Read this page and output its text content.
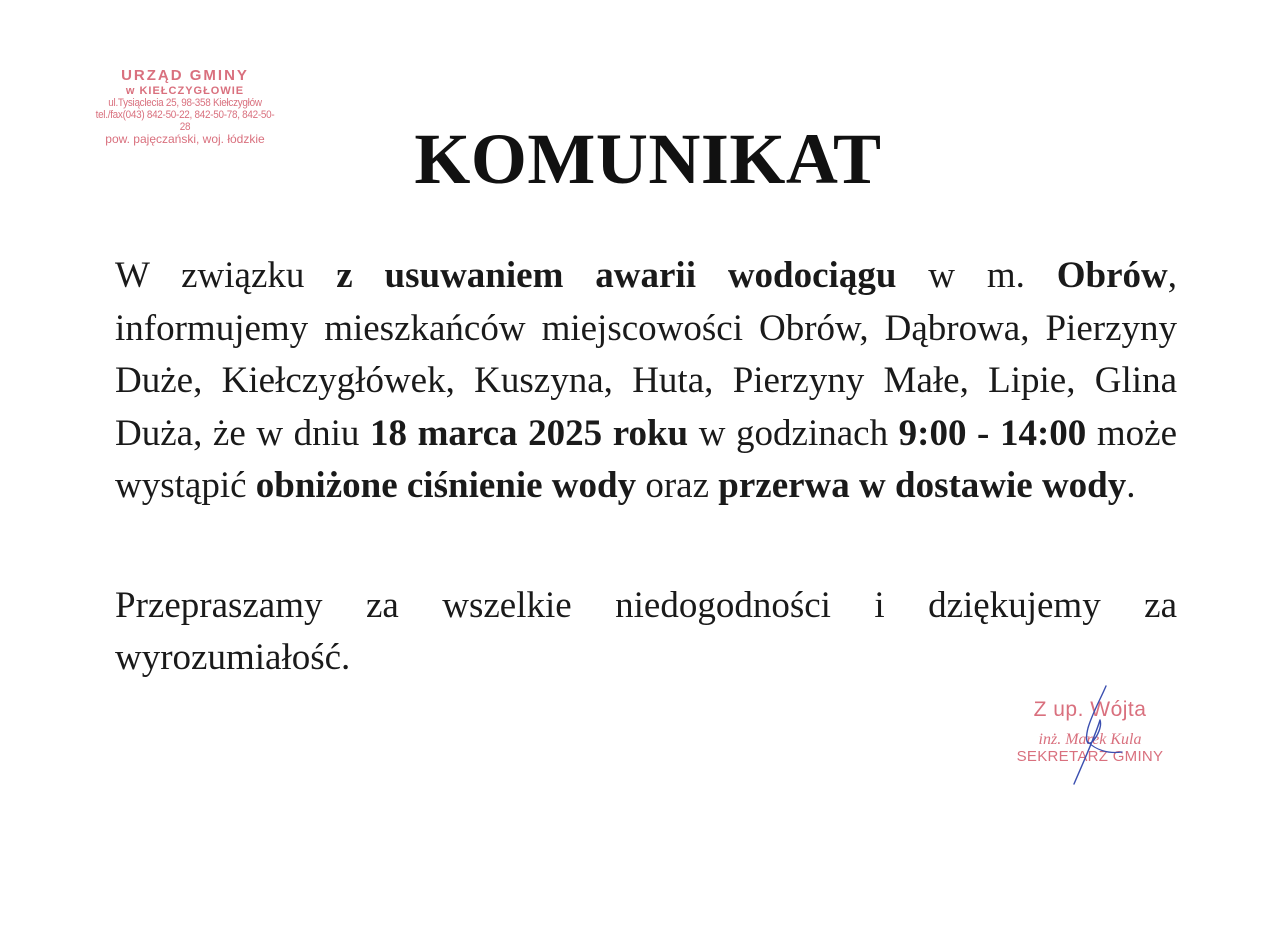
URZĄD GMINY
w KIEŁCZYGŁOWIE
ul.Tysiąclecia 25, 98-358 Kiełczygłów
tel./fax(043) 842-50-22, 842-50-78, 842-50-28
pow. pajęczański, woj. łódzkie	KOMUNIKAT

W związku z usuwaniem awarii wodociągu w m. Obrów, informujemy mieszkańców miejscowości Obrów, Dąbrowa, Pierzyny Duże, Kiełczygłówek, Kuszyna, Huta, Pierzyny Małe, Lipie, Glina Duża, że w dniu 18 marca 2025 roku w godzinach 9:00 - 14:00 może wystąpić obniżone ciśnienie wody oraz przerwa w dostawie wody.

Przepraszamy za wszelkie niedogodności i dziękujemy za wyrozumiałość.

Z up. Wójta
inż. Marek Kula
SEKRETARZ GMINY
